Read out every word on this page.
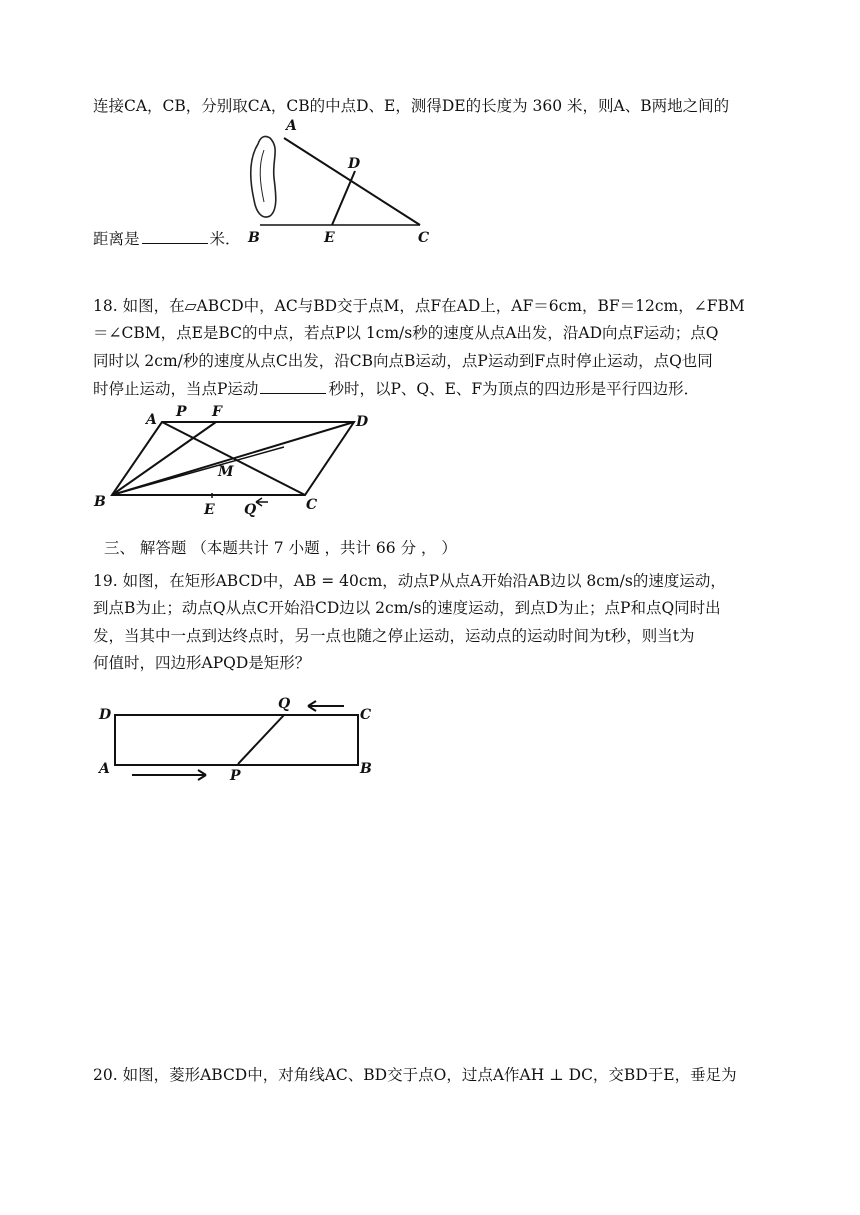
连接CA，CB，分别取CA，CB的中点D、E，测得DE的长度为 360 米，则A、B两地之间的
A
D
B	E	C
距离是	米．
18. 如图，在▱ABCD中，AC与BD交于点M，点F在AD上，AF＝6cm，BF＝12cm，∠FBM
＝∠CBM，点E是BC的中点，若点P以 1cm/s秒的速度从点A出发，沿AD向点F运动；点Q
同时以 2cm/秒的速度从点C出发，沿CB向点B运动，点P运动到F点时停止运动，点Q也同
时停止运动，当点P运动	秒时，以P、Q、E、F为顶点的四边形是平行四边形．
A P F
D
M
B	E Q	C
三、 解答题 （本题共计 7 小题 ，共计 66 分 ， ）
19. 如图，在矩形ABCD中，AB = 40cm，动点P从点A开始沿AB边以 8cm/s的速度运动，
到点B为止；动点Q从点C开始沿CD边以 2cm/s的速度运动，到点D为止；点P和点Q同时出
发，当其中一点到达终点时，另一点也随之停止运动，运动点的运动时间为t秒，则当t为
何值时，四边形APQD是矩形？
D
Q
C
A	P	B
20. 如图，菱形ABCD中，对角线AC、BD交于点O，过点A作AH ⊥ DC，交BD于E，垂足为
